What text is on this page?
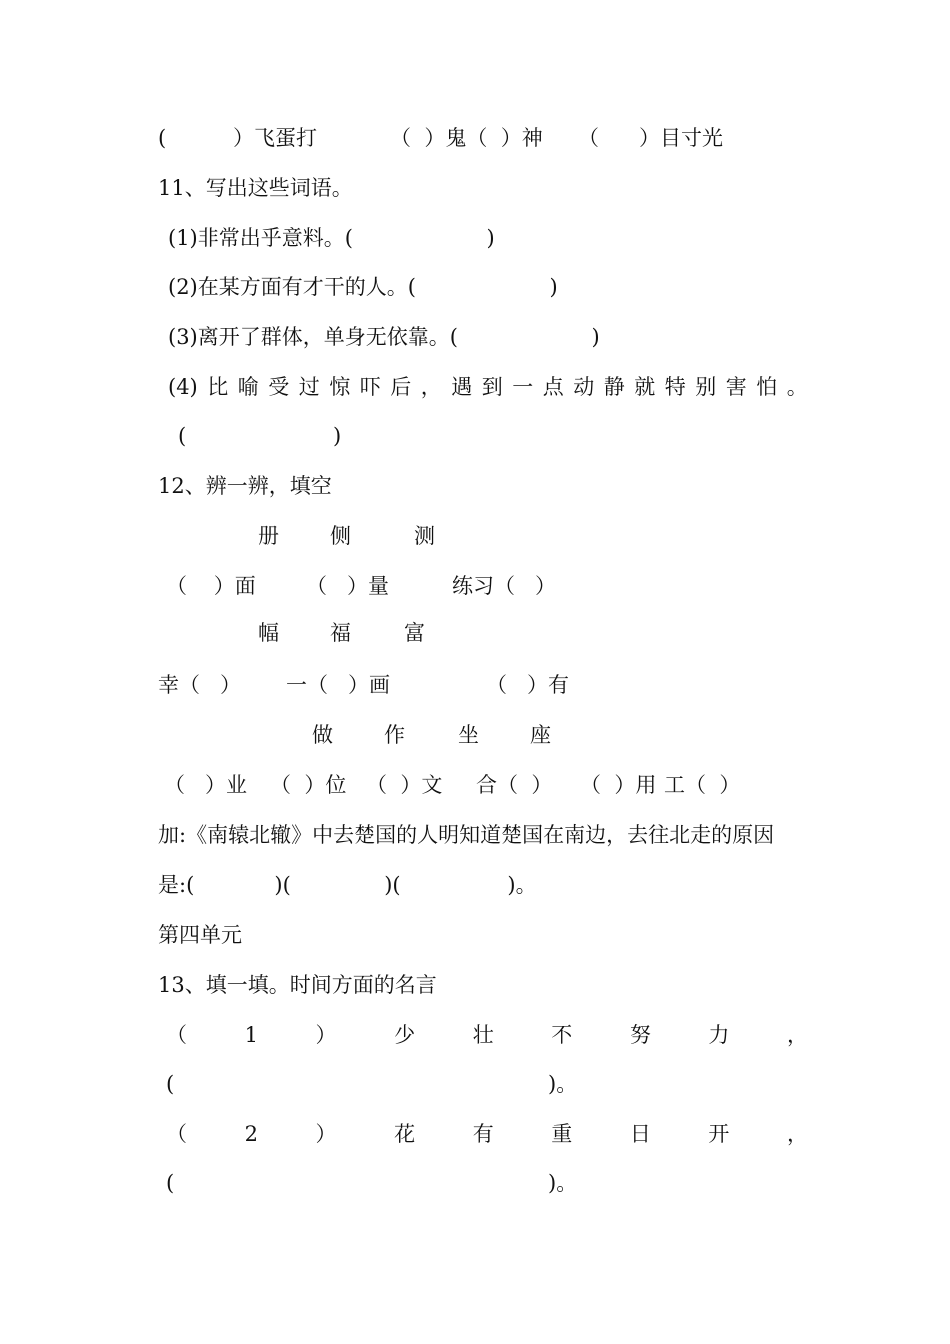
(          ）飞蛋打	（  ）鬼（  ）神 （      ）目寸光
11、写出这些词语。
(1)非常出乎意料。(                    )
(2)在某方面有才干的人。(                    )
(3)离开了群体，单身无依靠。(                    )
(4) 比 喻 受 过 惊 吓 后 ， 遇 到 一 点 动 静 就 特 别 害 怕 。
(                      )
12、辨一辨，填空
册 侧	测
（    ）面 （   ）量	练习（   ）
幅 福	富
幸（   ） 一（   ）画	（   ）有
做 作	坐 座
（   ）业 （  ）位 （  ）文 合（  ） （  ）用 工（  ）
加:《南辕北辙》中去楚国的人明知道楚国在南边，去往北走的原因
是:(            )(              )(                )。
第四单元
13、填一填。时间方面的名言
（	1	）	少	壮	不	努	力	，
(                                                        )。
（	2	）	花	有	重	日	开	，
(                                                        )。
